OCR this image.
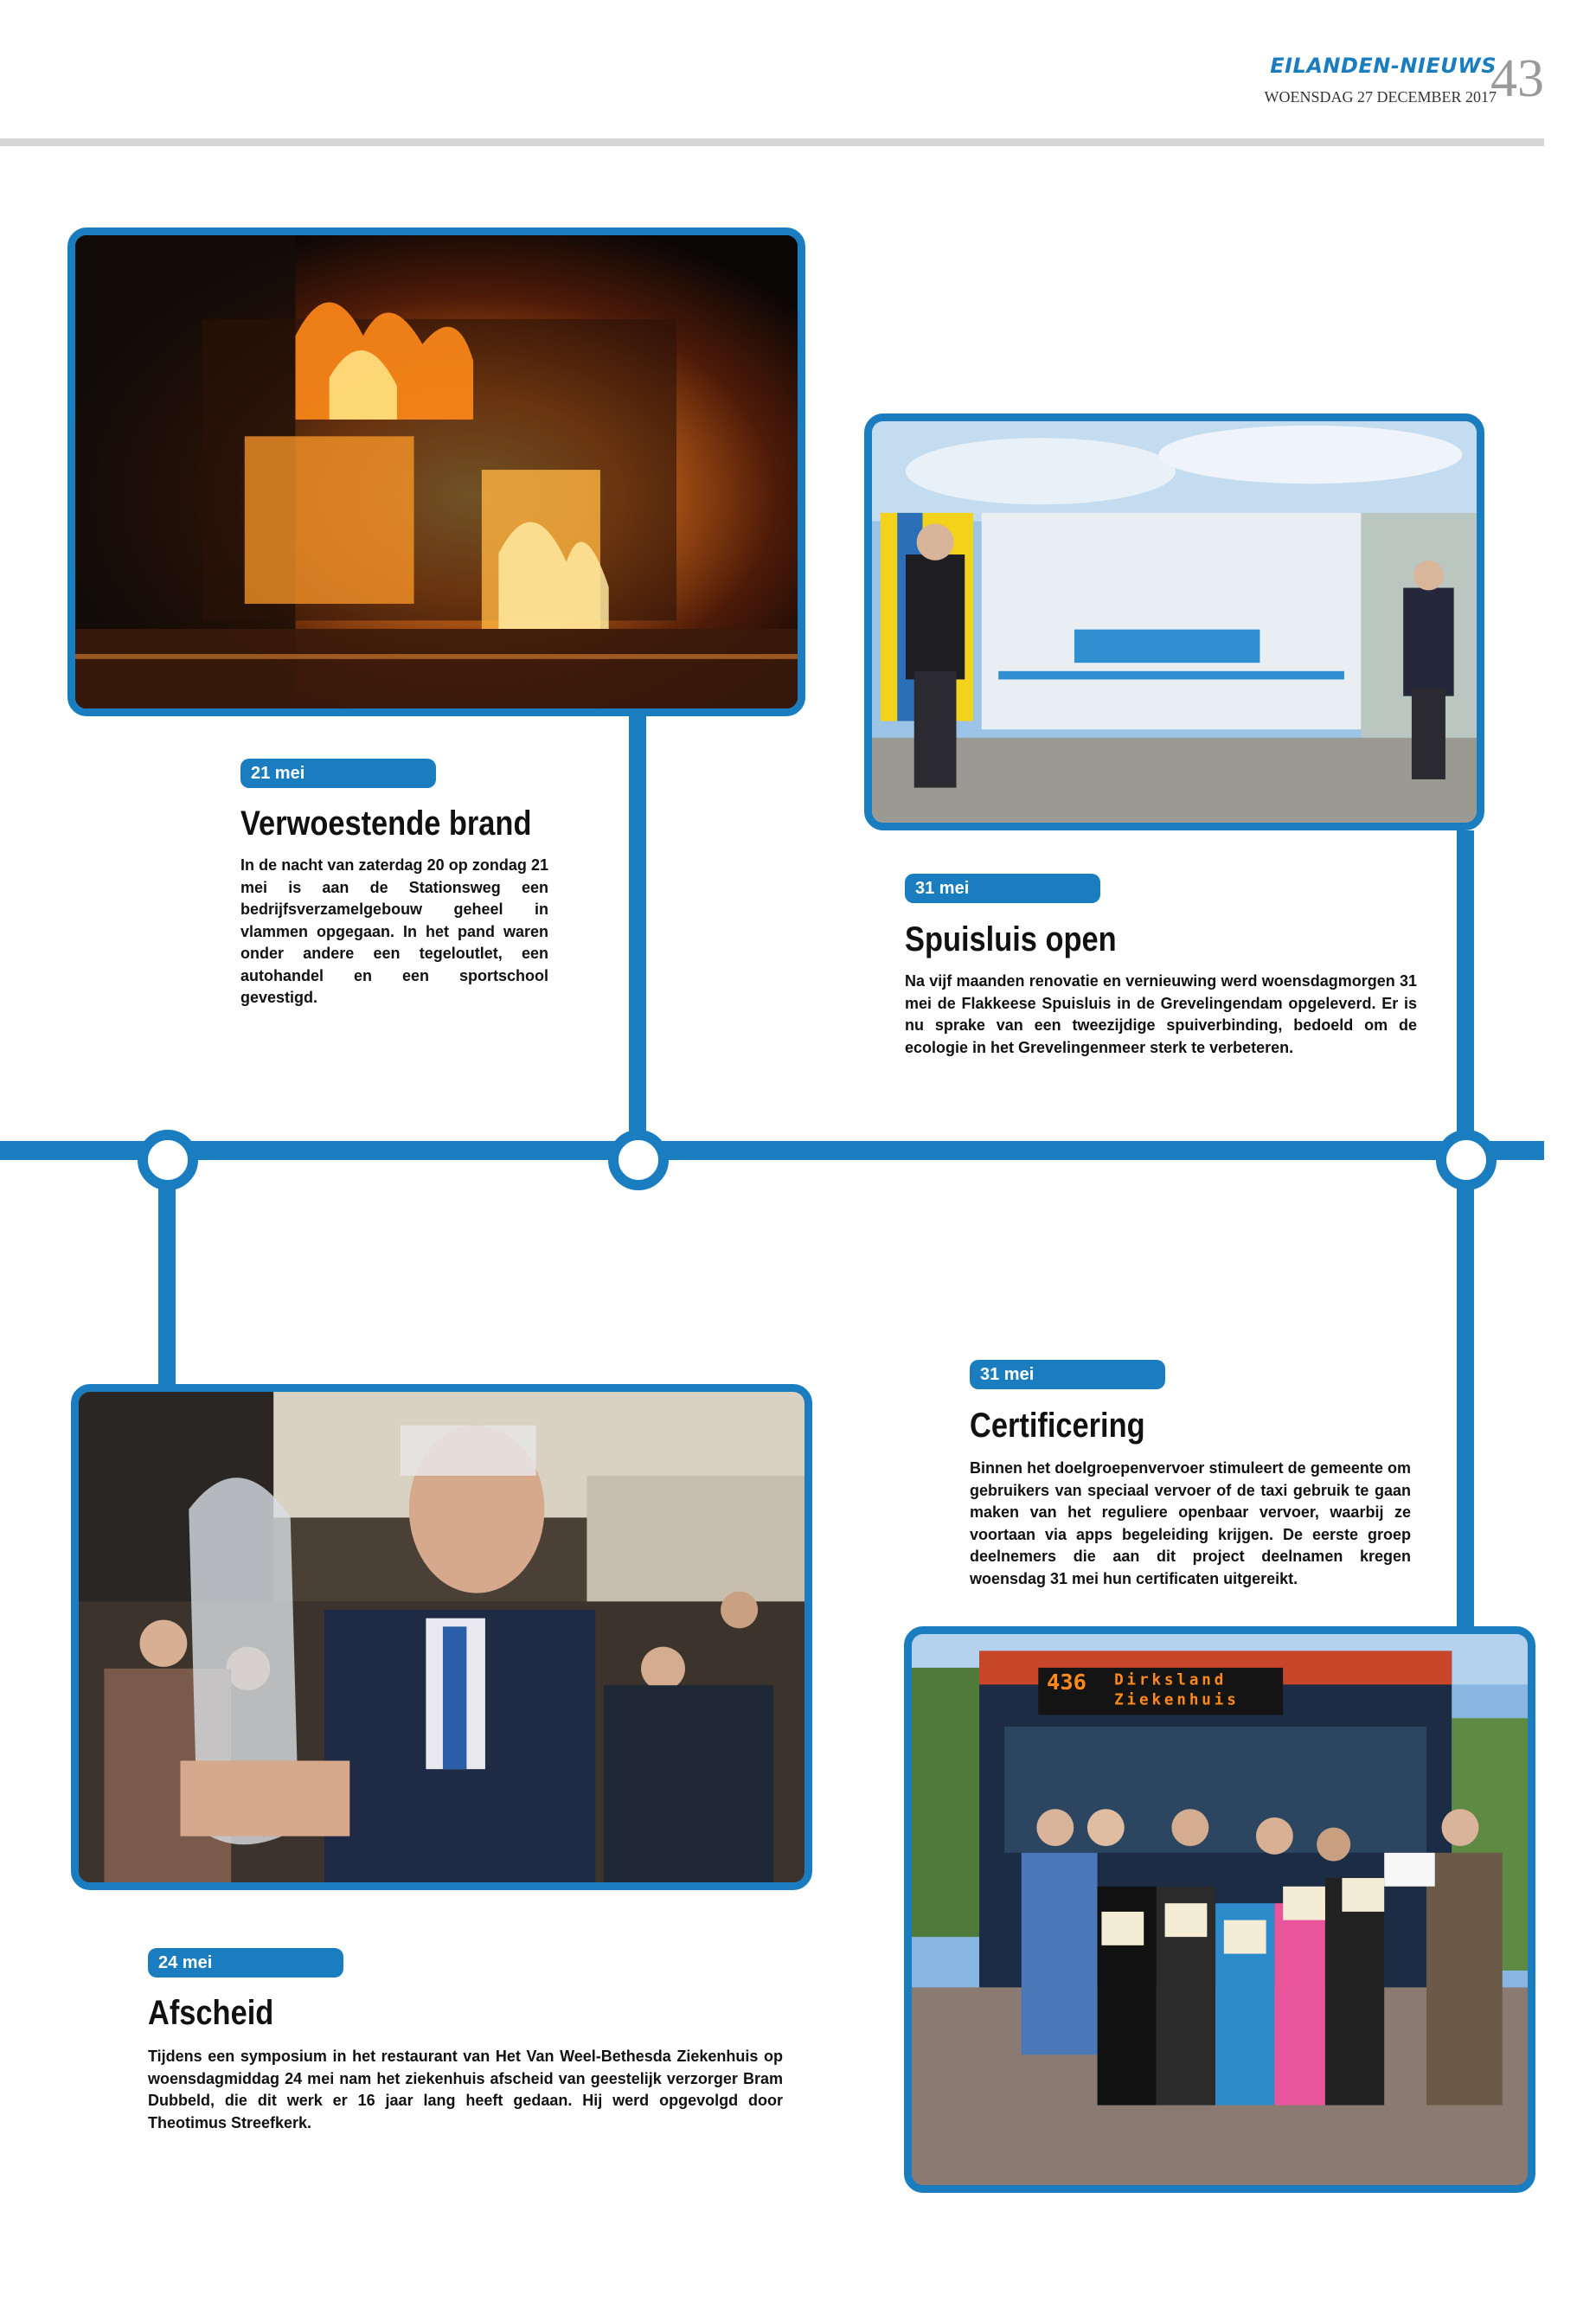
EILANDEN-NIEUWS
WOENSDAG 27 DECEMBER 2017
43
436 Dirksland
Ziekenhuis
21 mei
Verwoestende brand
In de nacht van zaterdag 20 op zondag 21 mei is aan de Stationsweg een bedrijfsverzamelgebouw geheel in vlammen opgegaan. In het pand waren onder andere een tegeloutlet, een autohandel en een sportschool gevestigd.
31 mei
Spuisluis open
Na vijf maanden renovatie en vernieuwing werd woensdagmorgen 31 mei de Flakkeese Spuisluis in de Grevelingendam opgeleverd. Er is nu sprake van een tweezijdige spuiverbinding, bedoeld om de ecologie in het Grevelingenmeer sterk te verbeteren.
31 mei
Certificering
Binnen het doelgroepenvervoer stimuleert de gemeente om gebruikers van speciaal vervoer of de taxi gebruik te gaan maken van het reguliere openbaar vervoer, waarbij ze voortaan via apps begeleiding krijgen. De eerste groep deelnemers die aan dit project deelnamen kregen woensdag 31 mei hun certificaten uitgereikt.
24 mei
Afscheid
Tijdens een symposium in het restaurant van Het Van Weel-Bethesda Ziekenhuis op woensdagmiddag 24 mei nam het ziekenhuis afscheid van geestelijk verzorger Bram Dubbeld, die dit werk er 16 jaar lang heeft gedaan. Hij werd opgevolgd door Theotimus Streefkerk.
